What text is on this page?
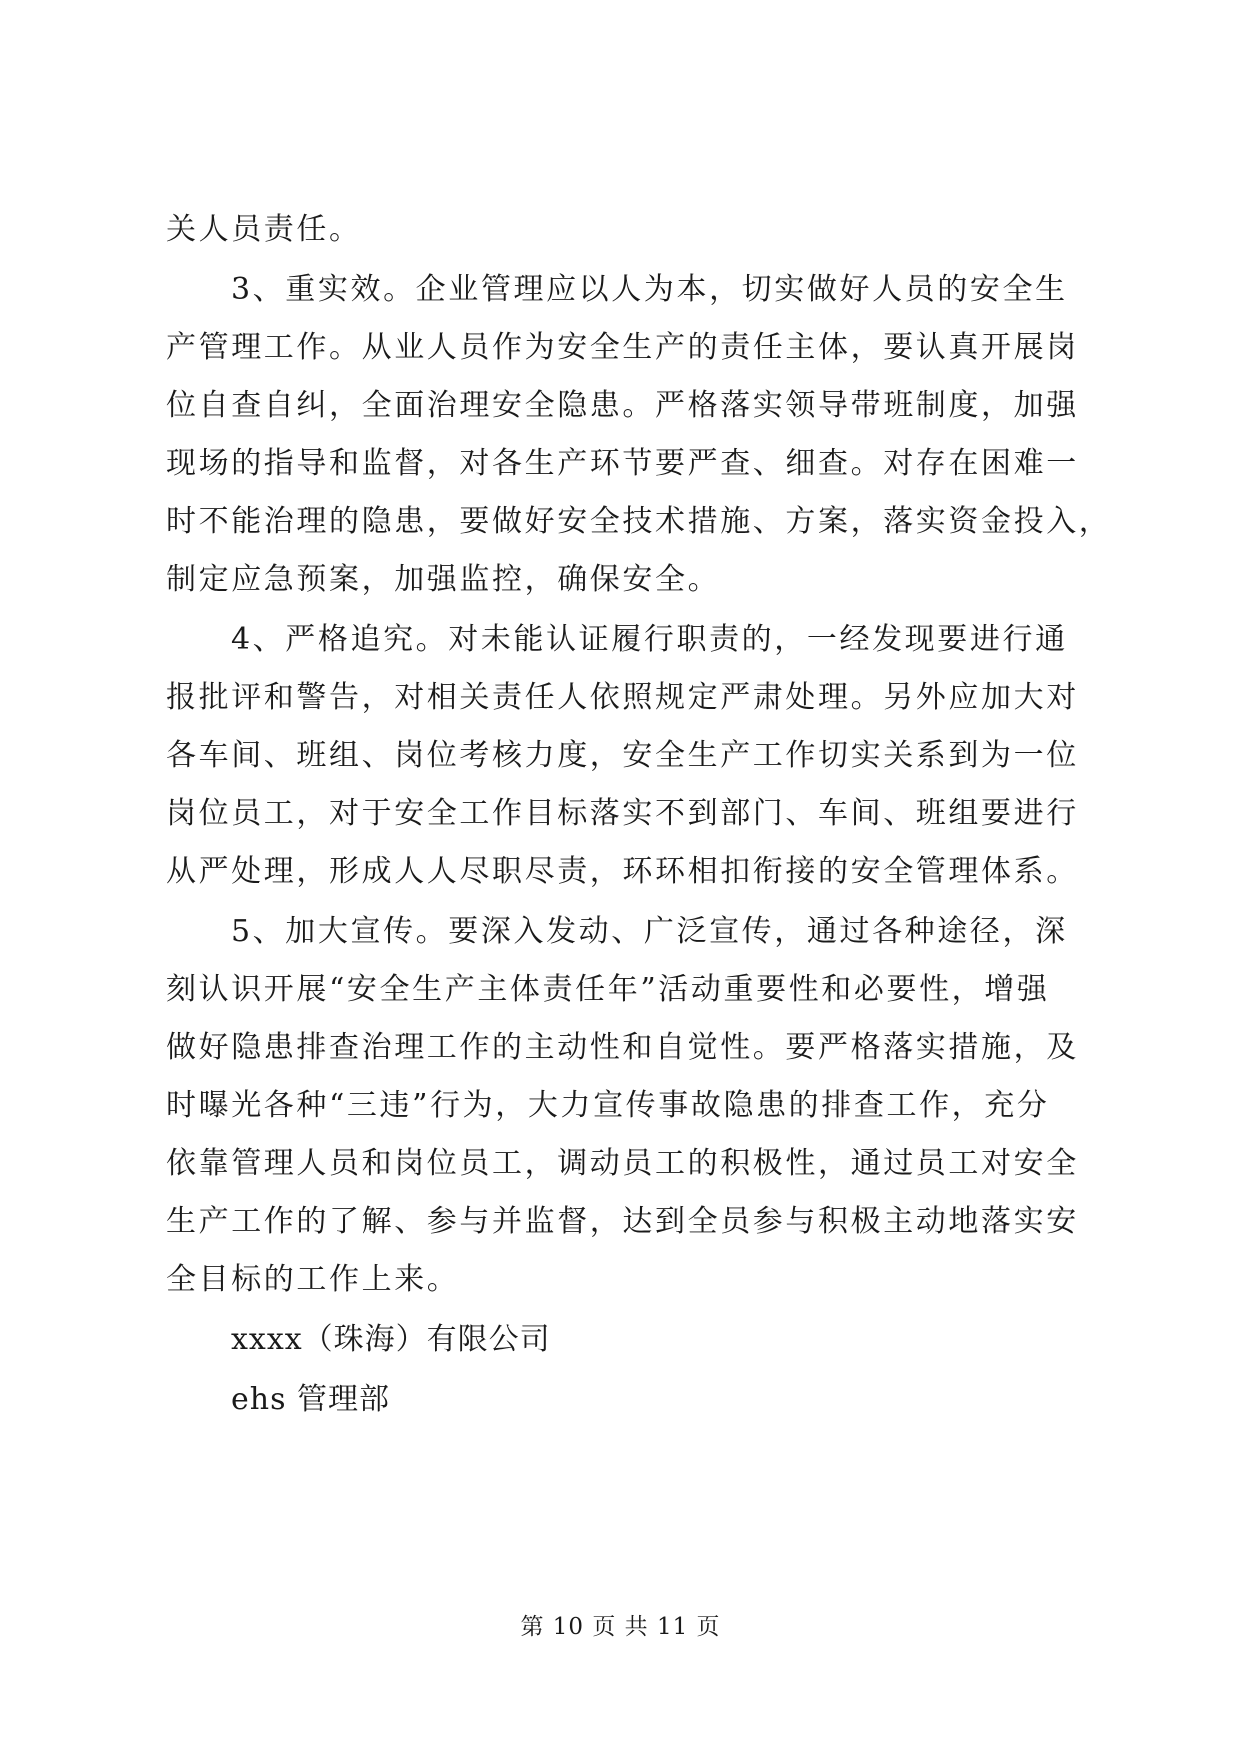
关人员责任。
3、重实效。企业管理应以人为本，切实做好人员的安全生
产管理工作。从业人员作为安全生产的责任主体，要认真开展岗
位自查自纠，全面治理安全隐患。严格落实领导带班制度，加强
现场的指导和监督，对各生产环节要严查、细查。对存在困难一
时不能治理的隐患，要做好安全技术措施、方案，落实资金投入，
制定应急预案，加强监控，确保安全。
4、严格追究。对未能认证履行职责的，一经发现要进行通
报批评和警告，对相关责任人依照规定严肃处理。另外应加大对
各车间、班组、岗位考核力度，安全生产工作切实关系到为一位
岗位员工，对于安全工作目标落实不到部门、车间、班组要进行
从严处理，形成人人尽职尽责，环环相扣衔接的安全管理体系。
5、加大宣传。要深入发动、广泛宣传，通过各种途径，深
刻认识开展“安全生产主体责任年”活动重要性和必要性，增强
做好隐患排查治理工作的主动性和自觉性。要严格落实措施，及
时曝光各种“三违”行为，大力宣传事故隐患的排查工作，充分
依靠管理人员和岗位员工，调动员工的积极性，通过员工对安全
生产工作的了解、参与并监督，达到全员参与积极主动地落实安
全目标的工作上来。
xxxx（珠海）有限公司
ehs 管理部
第 10 页 共 11 页
